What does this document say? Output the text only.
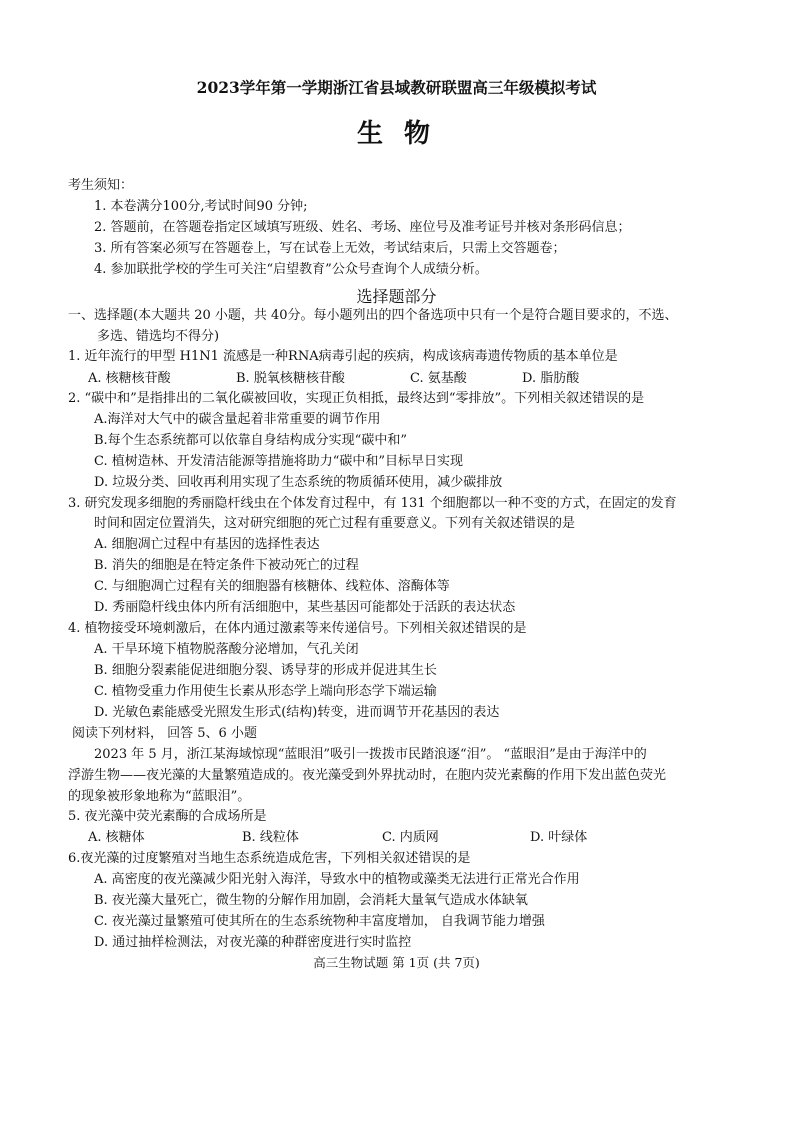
2023学年第一学期浙江省县域教研联盟高三年级模拟考试
生 物
考生须知：
1. 本卷满分100分,考试时间90 分钟;
2. 答题前，在答题卷指定区域填写班级、姓名、考场、座位号及准考证号并核对条形码信息；
3. 所有答案必须写在答题卷上，写在试卷上无效，考试结束后，只需上交答题卷；
4. 参加联批学校的学生可关注“启望教育”公众号查询个人成绩分析。
选择题部分
一、选择题(本大题共 20 小题，共 40分。每小题列出的四个备选项中只有一个是符合题目要求的，不选、
多选、错选均不得分)
1. 近年流行的甲型 H1N1 流感是一种RNA病毒引起的疾病，构成该病毒遗传物质的基本单位是
A. 核糖核苷酸	B. 脱氧核糖核苷酸	C. 氨基酸	D. 脂肪酸
2. “碳中和”是指排出的二氧化碳被回收，实现正负相抵，最终达到“零排放”。下列相关叙述错误的是
A.海洋对大气中的碳含量起着非常重要的调节作用
B.每个生态系统都可以依靠自身结构成分实现“碳中和”
C. 植树造林、开发清洁能源等措施将助力“碳中和”目标早日实现
D. 垃圾分类、回收再利用实现了生态系统的物质循环使用，减少碳排放
3. 研究发现多细胞的秀丽隐杆线虫在个体发育过程中，有 131 个细胞都以一种不变的方式，在固定的发育
时间和固定位置消失，这对研究细胞的死亡过程有重要意义。下列有关叙述错误的是
A. 细胞凋亡过程中有基因的选择性表达
B. 消失的细胞是在特定条件下被动死亡的过程
C. 与细胞凋亡过程有关的细胞器有核糖体、线粒体、溶酶体等
D. 秀丽隐杆线虫体内所有活细胞中，某些基因可能都处于活跃的表达状态
4. 植物接受环境刺激后，在体内通过激素等来传递信号。下列相关叙述错误的是
A. 干旱环境下植物脱落酸分泌增加，气孔关闭
B. 细胞分裂素能促进细胞分裂、诱导芽的形成并促进其生长
C. 植物受重力作用使生长素从形态学上端向形态学下端运输
D. 光敏色素能感受光照发生形式(结构)转变，进而调节开花基因的表达
阅读下列材料， 回答 5、6 小题
2023 年 5 月，浙江某海域惊现“蓝眼泪”吸引一拨拨市民踏浪逐“泪”。 “蓝眼泪”是由于海洋中的
浮游生物——夜光藻的大量繁殖造成的。夜光藻受到外界扰动时，在胞内荧光素酶的作用下发出蓝色荧光
的现象被形象地称为“蓝眼泪”。
5. 夜光藻中荧光素酶的合成场所是
A. 核糖体	B. 线粒体	C. 内质网	D. 叶绿体
6.夜光藻的过度繁殖对当地生态系统造成危害，下列相关叙述错误的是
A. 高密度的夜光藻减少阳光射入海洋，导致水中的植物或藻类无法进行正常光合作用
B. 夜光藻大量死亡，微生物的分解作用加剧，会消耗大量氧气造成水体缺氧
C. 夜光藻过量繁殖可使其所在的生态系统物种丰富度增加， 自我调节能力增强
D. 通过抽样检测法，对夜光藻的种群密度进行实时监控
高三生物试题 第 1页 (共 7页)
